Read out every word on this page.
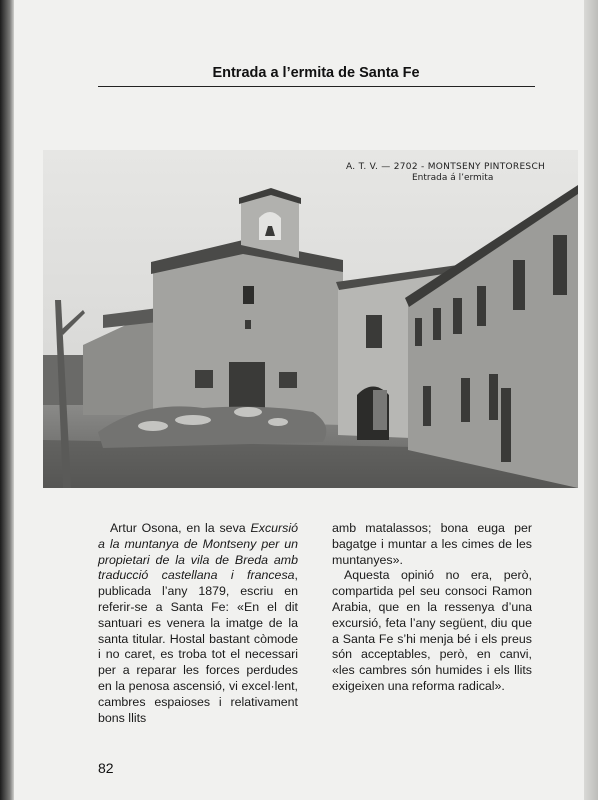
Entrada a l’ermita de Santa Fe
A. T. V. — 2702 - MONTSENY PINTORESCH
Entrada á l’ermita

Artur Osona, en la seva Excursió a la muntanya de Montseny per un propietari de la vila de Breda amb traducció castellana i francesa, publicada l’any 1879, escriu en referir-se a Santa Fe: «En el dit santuari es venera la imatge de la santa titular. Hostal bastant còmode i no caret, es troba tot el necessari per a reparar les forces perdudes en la penosa ascensió, vi excel·lent, cambres espaioses i relativament bons llits

amb matalassos; bona euga per bagatge i muntar a les cimes de les muntanyes».

Aquesta opinió no era, però, compartida pel seu consoci Ramon Arabia, que en la ressenya d’una excursió, feta l’any següent, diu que a Santa Fe s’hi menja bé i els preus són acceptables, però, en canvi, «les cambres són humides i els llits exigeixen una reforma radical».

82
